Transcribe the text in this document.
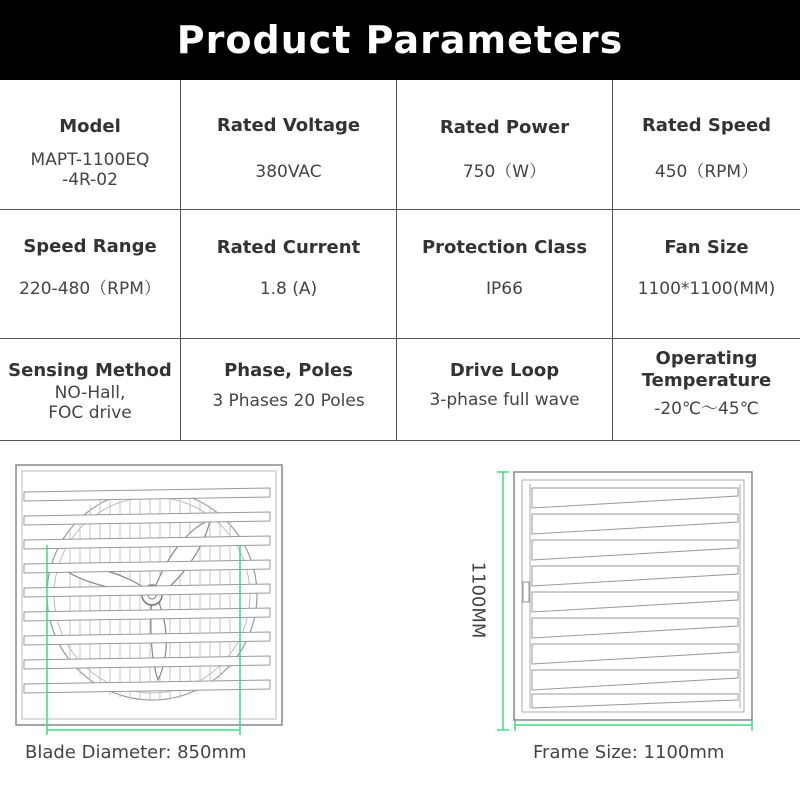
Product Parameters
Model
MAPT-1100EQ
-4R-02
Rated Voltage
380VAC
Rated Power
750（W）
Rated Speed
450（RPM）
Speed Range
220-480（RPM）
Rated Current
1.8 (A)
Protection Class
IP66
Fan Size
1100*1100(MM)
Sensing Method
NO-Hall,
FOC drive
Phase, Poles
3 Phases 20 Poles
Drive Loop
3-phase full wave
Operating Temperature
-20℃～45℃
Blade Diameter: 850mm
1100MM
Frame Size: 1100mm
